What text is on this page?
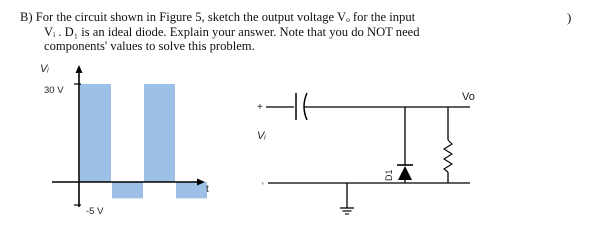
B) For the circuit shown in Figure 5, sketch the output voltage Vₒ for the input
Vᵢ . D₁ is an ideal diode. Explain your answer. Note that you do NOT need
components' values to solve this problem.
)
Vᵢ
30 V
-5 V
t
+
'
Vᵢ
Vo
D1
